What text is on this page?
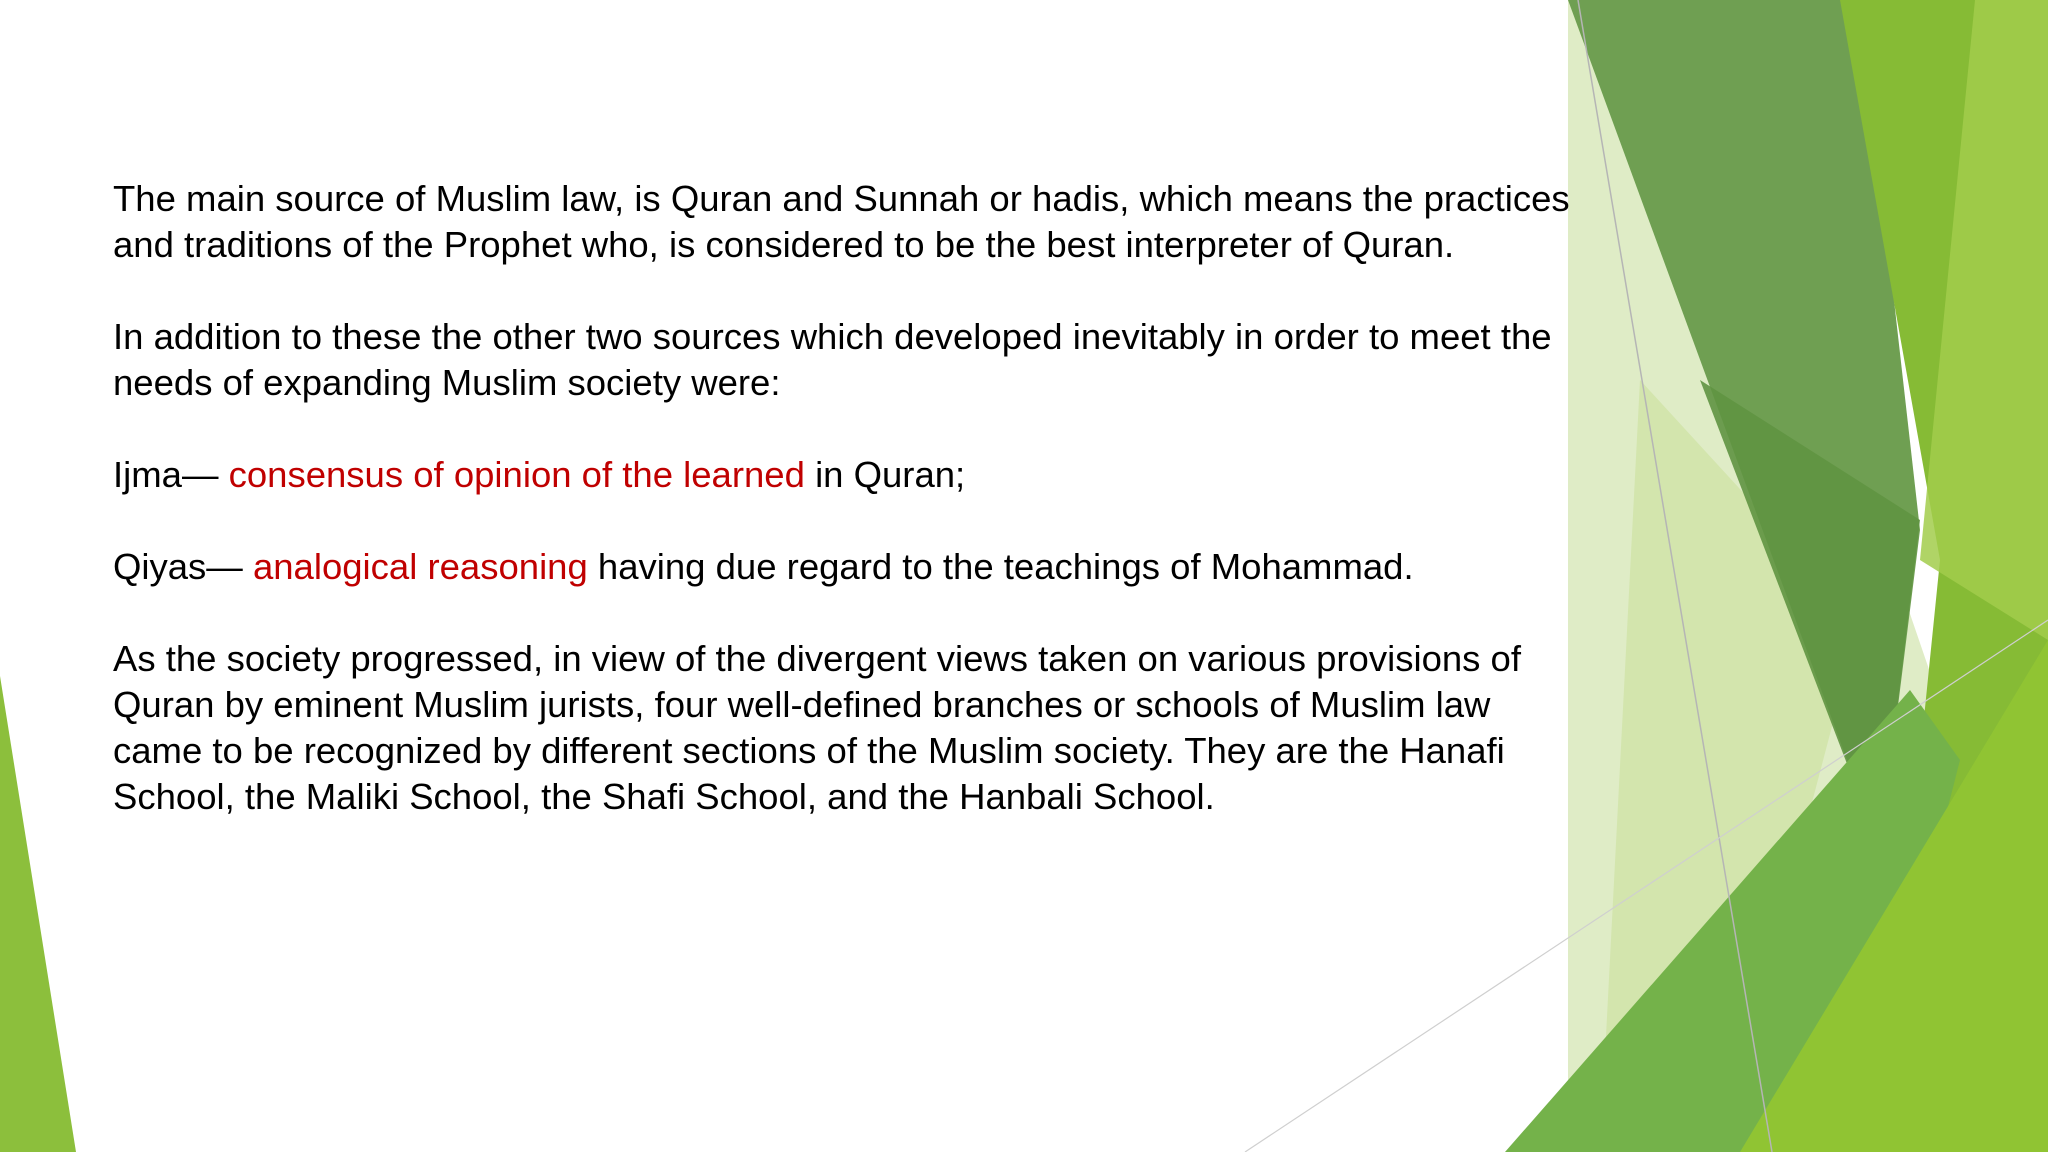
The main source of Muslim law, is Quran and Sunnah or hadis, which means the practices and traditions of the Prophet who, is considered to be the best interpreter of Quran.

In addition to these the other two sources which developed inevitably in order to meet the needs of expanding Muslim society were:

Ijma— consensus of opinion of the learned in Quran;

Qiyas— analogical reasoning having due regard to the teachings of Mohammad.

As the society progressed, in view of the divergent views taken on various provisions of Quran by eminent Muslim jurists, four well-defined branches or schools of Muslim law came to be recognized by different sections of the Muslim society. They are the Hanafi School, the Maliki School, the Shafi School, and the Hanbali School.
